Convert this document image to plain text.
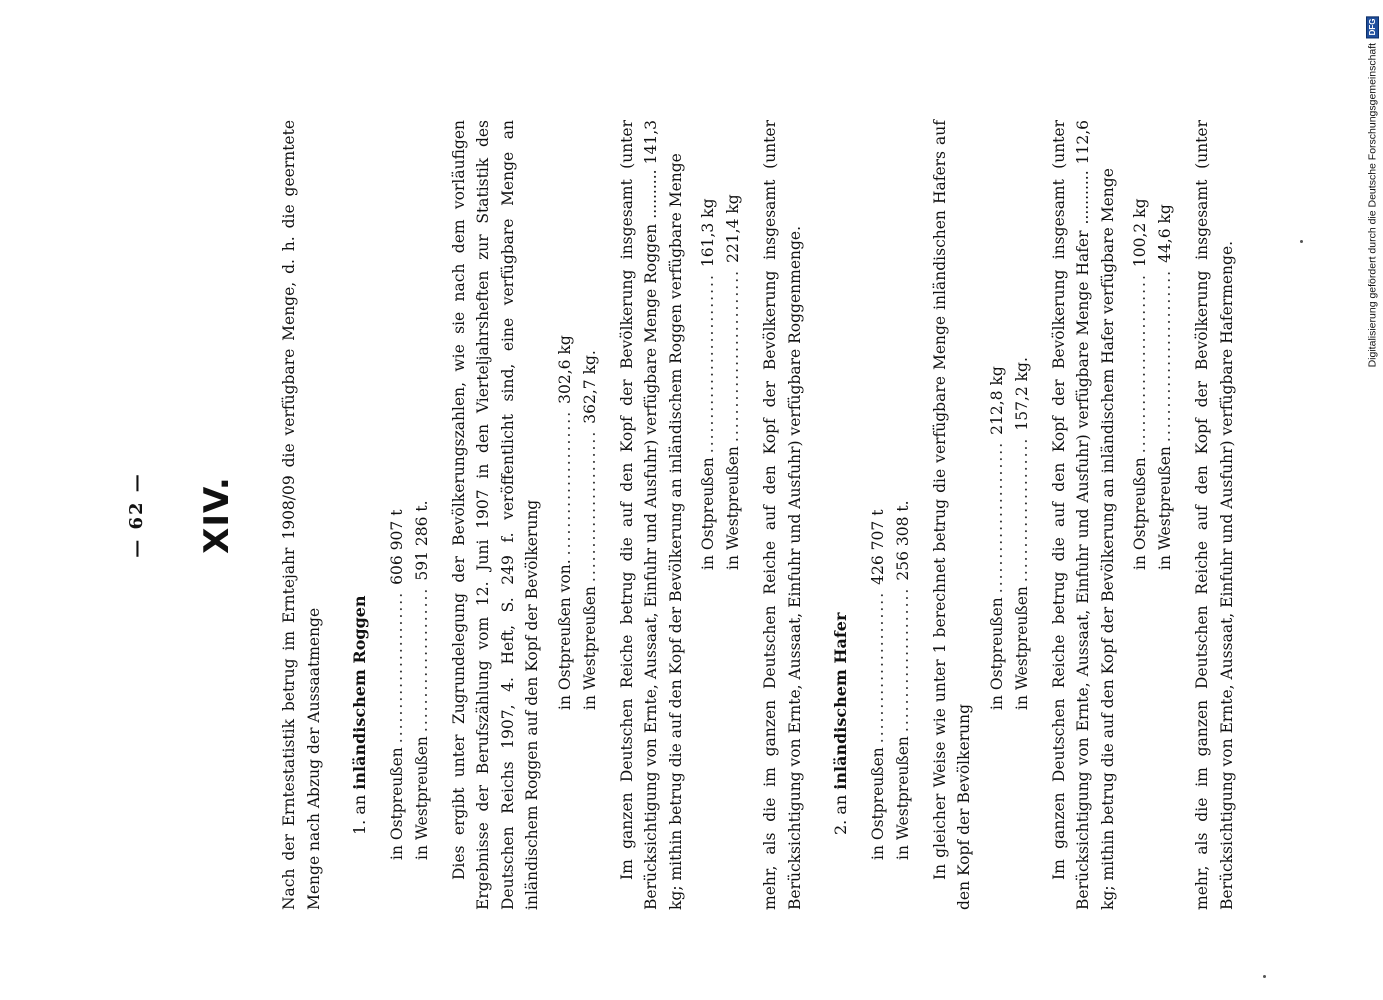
— 62 — XIV.	Nach der Erntestatistik betrug im Erntejahr 1908/09 die verfügbare Menge, d. h. die geerntete Menge nach Abzug der Aussaatmenge 1. an inländischem Roggen
in Ostpreußen
......................
606 907 t
in Westpreußen
.....................
591 286 t. Dies ergibt unter Zugrundelegung der Bevölkerungszahlen, wie sie nach dem vorläufigen Ergebnisse der Berufszählung vom 12. Juni 1907 in den Vierteljahrsheften zur Statistik des Deutschen Reichs 1907, 4. Heft, S. 249 f. veröffentlicht sind, eine verfügbare Menge an inländischem Roggen auf den Kopf der Bevölkerung in Ostpreußen von.
.....................
302,6 kg
in Westpreußen
......................
362,7 kg. Im ganzen Deutschen Reiche betrug die auf den Kopf der Bevölkerung insgesamt (unter Berücksichtigung von Ernte, Aussaat, Einfuhr und Ausfuhr) verfügbare Menge Roggen .......... 141,3 kg; mithin betrug die auf den Kopf der Bevölkerung an inländischem Roggen verfügbare Menge in Ostpreußen
..........................
161,3 kg
in Westpreußen
.........................
221,4 kg mehr, als die im ganzen Deutschen Reiche auf den Kopf der Bevölkerung insgesamt (unter Berücksichtigung von Ernte, Aussaat, Einfuhr und Ausfuhr) verfügbare Roggenmenge. 2. an inländischem Hafer
in Ostpreußen
......................
426 707 t
in Westpreußen
.....................
256 308 t. In gleicher Weise wie unter 1 berechnet betrug die verfügbare Menge inländischen Hafers auf den Kopf der Bevölkerung

in Ostpreußen
......................
212,8 kg
in Westpreußen
.....................
157,2 kg. Im ganzen Deutschen Reiche betrug die auf den Kopf der Bevölkerung insgesamt (unter Berücksichtigung von Ernte, Aussaat, Einfuhr und Ausfuhr) verfügbare Menge Hafer ........... 112,6 kg; mithin betrug die auf den Kopf der Bevölkerung an inländischem Hafer verfügbare Menge in Ostpreußen
..........................
100,2 kg
in Westpreußen
.........................
44,6 kg mehr, als die im ganzen Deutschen Reiche auf den Kopf der Bevölkerung insgesamt (unter Berücksichtigung von Ernte, Aussaat, Einfuhr und Ausfuhr) verfügbare Hafermenge.

Digitalisierung gefördert durch die Deutsche Forschungsgemeinschaft
DFG
